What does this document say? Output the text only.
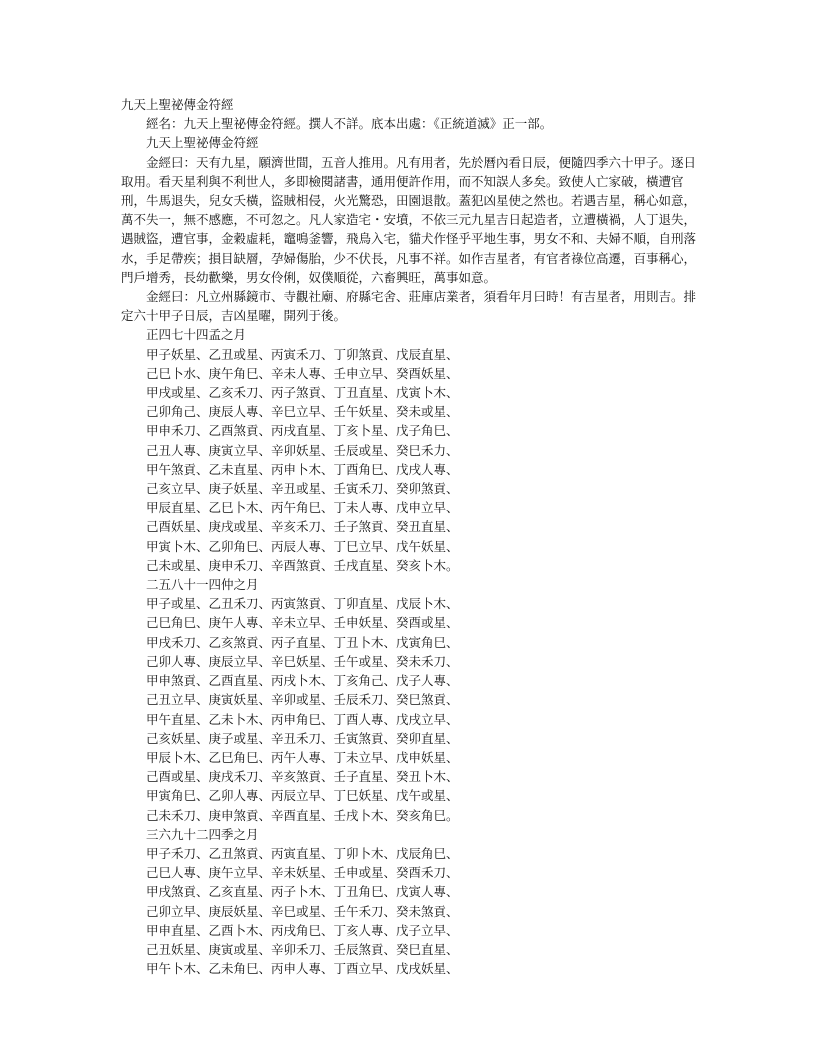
九天上聖祕傳金符經
經名：九天上聖祕傳金符經。撰人不詳。底本出處：《正統道滅》正一部。
九天上聖祕傳金符經
金經曰：天有九星，願濟世間，五音人推用。凡有用者，先於曆內看日辰，便隨四季六十甲子。逐日取用。看天星利與不利世人，多即檢閱諸書，通用便許作用，而不知誤人多矣。致使人亡家破，橫遭官刑，牛馬退失，兒女夭橫，盜賊相侵，火光驚恐，田園退散。蓋犯凶星使之然也。若遇吉星，稱心如意，萬不失一，無不感應，不可忽之。凡人家造宅・安墳，不依三元九星吉日起造者，立遭橫禍，人丁退失，遇賊盜，遭官事，金穀虛耗，竈鳴釜響，飛鳥入宅，貓犬作怪乎平地生事，男女不和、夫婦不順，自刑落水，手足帶疾；損目缺層，孕婦傷胎，少不伏長，凡事不祥。如作吉星者，有官者祿位高遷，百事稱心，門戶增秀，長幼歡樂，男女伶俐，奴僕順從，六畜興旺，萬事如意。
金經曰：凡立州縣鏡市、寺觀社廟、府縣宅舍、莊庫店業者，須看年月曰時！有吉星者，用則吉。排定六十甲子日辰，吉凶星曜，開列于後。
正四七十四孟之月
甲子妖星、乙丑或星、丙寅禾刀、丁卯煞貢、戊辰直星、
己巳卜水、庚午角巳、辛未人專、壬申立早、癸酉妖星、
甲戌或星、乙亥禾刀、丙子煞貢、丁丑直星、戊寅卜木、
己卯角己、庚辰人專、辛巳立早、壬午妖星、癸未或星、
甲申禾刀、乙酉煞貢、丙戌直星、丁亥卜星、戊子角巳、
己丑人專、庚寅立早、辛卯妖星、壬辰或星、癸巳禾力、
甲午煞貢、乙未直星、丙申卜木、丁酉角巳、戊戌人專、
己亥立早、庚子妖星、辛丑或星、壬寅禾刀、癸卯煞貢、
甲辰直星、乙巳卜木、丙午角巳、丁未人專、戊申立早、
己酉妖星、庚戌或星、辛亥禾刀、壬子煞貢、癸丑直星、
甲寅卜木、乙卯角巳、丙辰人專、丁巳立早、戊午妖星、
己未或星、庚申禾刀、辛酉煞貢、壬戌直星、癸亥卜木。
二五八十一四仲之月
甲子或星、乙丑禾刀、丙寅煞貢、丁卯直星、戊辰卜木、
己巳角巳、庚午人專、辛未立早、壬申妖星、癸酉或星、
甲戌禾刀、乙亥煞貢、丙子直星、丁丑卜木、戊寅角巳、
己卯人專、庚辰立早、辛巳妖星、壬午或星、癸未禾刀、
甲申煞貢、乙酉直星、丙戌卜木、丁亥角己、戊子人專、
己丑立早、庚寅妖星、辛卯或星、壬辰禾刀、癸巳煞貢、
甲午直星、乙未卜木、丙申角巳、丁酉人專、戊戌立早、
己亥妖星、庚子或星、辛丑禾刀、壬寅煞貢、癸卯直星、
甲辰卜木、乙巳角巳、丙午人專、丁未立早、戊申妖星、
己酉或星、庚戌禾刀、辛亥煞貢、壬子直星、癸丑卜木、
甲寅角巳、乙卯人專、丙辰立早、丁巳妖星、戊午或星、
己未禾刀、庚申煞貢、辛酉直星、壬戌卜木、癸亥角巳。
三六九十二四季之月
甲子禾刀、乙丑煞貢、丙寅直星、丁卯卜木、戊辰角巳、
己巳人專、庚午立早、辛未妖星、壬申或星、癸酉禾刀、
甲戌煞貢、乙亥直星、丙子卜木、丁丑角巳、戊寅人專、
己卯立早、庚辰妖星、辛巳或星、壬午禾刀、癸未煞貢、
甲申直星、乙酉卜木、丙戌角巳、丁亥人專、戊子立早、
己丑妖星、庚寅或星、辛卯禾刀、壬辰煞貢、癸巳直星、
甲午卜木、乙未角巳、丙申人專、丁酉立早、戊戌妖星、
